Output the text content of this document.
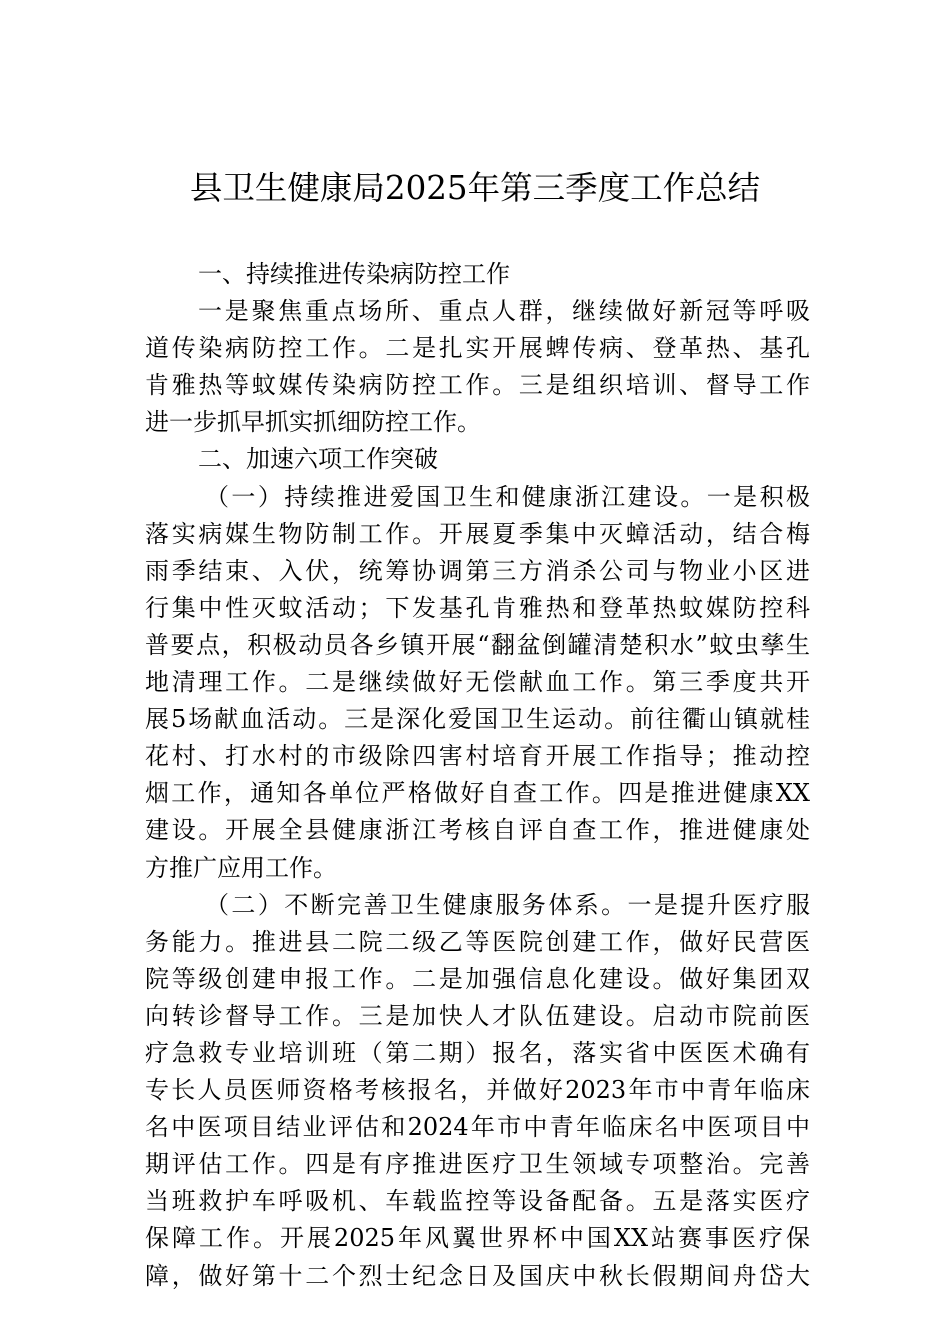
县卫生健康局2025年第三季度工作总结
一、持续推进传染病防控工作
一是聚焦重点场所、重点人群，继续做好新冠等呼吸
道传染病防控工作。二是扎实开展蜱传病、登革热、基孔
肯雅热等蚊媒传染病防控工作。三是组织培训、督导工作
进一步抓早抓实抓细防控工作。
二、加速六项工作突破
（一）持续推进爱国卫生和健康浙江建设。一是积极
落实病媒生物防制工作。开展夏季集中灭蟑活动，结合梅
雨季结束、入伏，统筹协调第三方消杀公司与物业小区进
行集中性灭蚊活动；下发基孔肯雅热和登革热蚊媒防控科
普要点，积极动员各乡镇开展“翻盆倒罐清楚积水”蚊虫孳生
地清理工作。二是继续做好无偿献血工作。第三季度共开
展5场献血活动。三是深化爱国卫生运动。前往衢山镇就桂
花村、打水村的市级除四害村培育开展工作指导；推动控
烟工作，通知各单位严格做好自查工作。四是推进健康XX
建设。开展全县健康浙江考核自评自查工作，推进健康处
方推广应用工作。
（二）不断完善卫生健康服务体系。一是提升医疗服
务能力。推进县二院二级乙等医院创建工作，做好民营医
院等级创建申报工作。二是加强信息化建设。做好集团双
向转诊督导工作。三是加快人才队伍建设。启动市院前医
疗急救专业培训班（第二期）报名，落实省中医医术确有
专长人员医师资格考核报名，并做好2023年市中青年临床
名中医项目结业评估和2024年市中青年临床名中医项目中
期评估工作。四是有序推进医疗卫生领域专项整治。完善
当班救护车呼吸机、车载监控等设备配备。五是落实医疗
保障工作。开展2025年风翼世界杯中国XX站赛事医疗保
障，做好第十二个烈士纪念日及国庆中秋长假期间舟岱大
